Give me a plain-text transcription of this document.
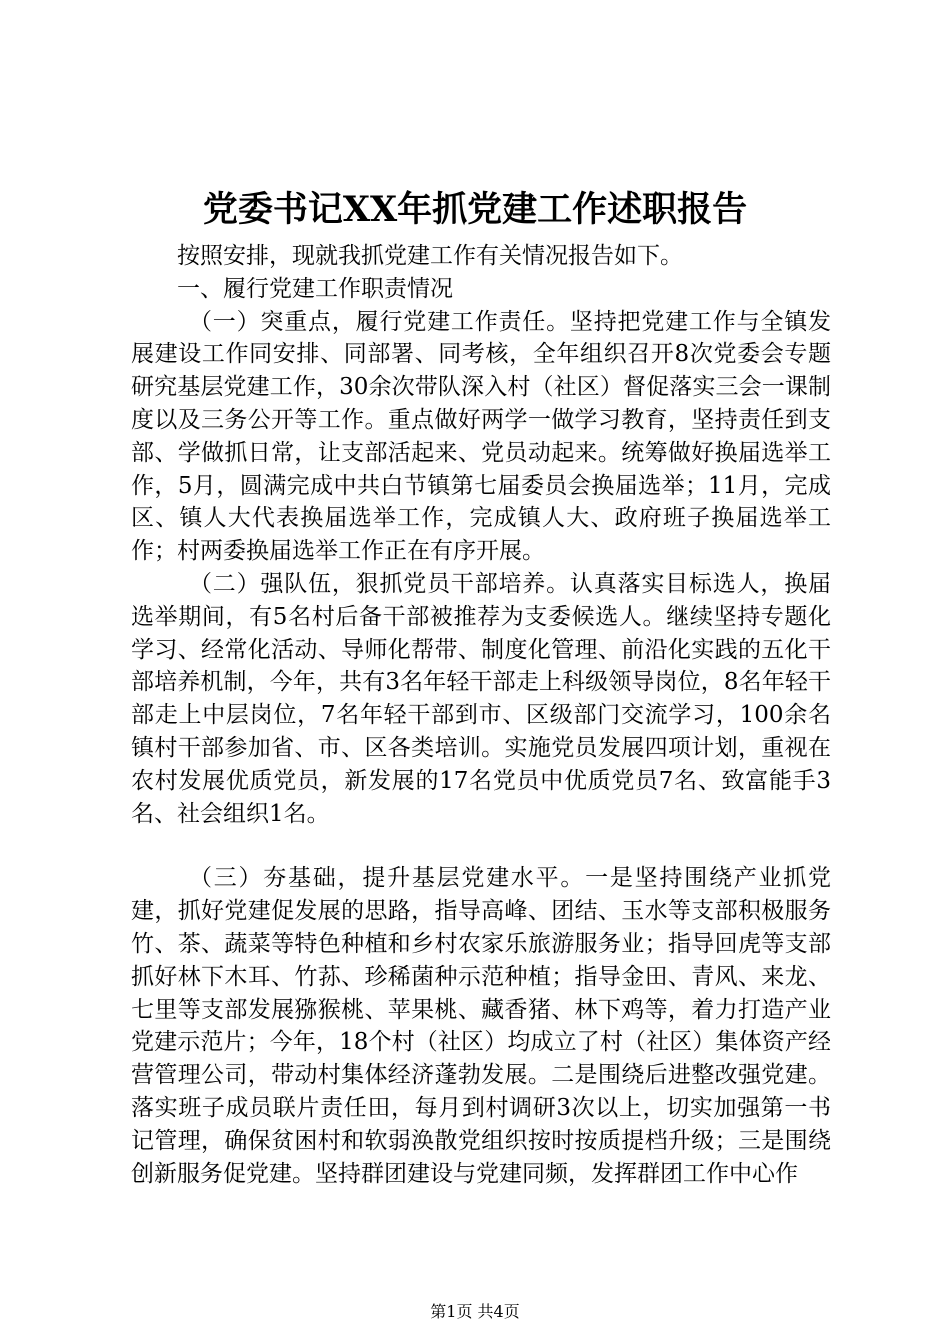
党委书记XX年抓党建工作述职报告

按照安排，现就我抓党建工作有关情况报告如下。

一、履行党建工作职责情况

（一）突重点，履行党建工作责任。坚持把党建工作与全镇发展建设工作同安排、同部署、同考核，全年组织召开8次党委会专题研究基层党建工作，30余次带队深入村（社区）督促落实三会一课制度以及三务公开等工作。重点做好两学一做学习教育，坚持责任到支部、学做抓日常，让支部活起来、党员动起来。统筹做好换届选举工作，5月，圆满完成中共白节镇第七届委员会换届选举；11月，完成区、镇人大代表换届选举工作，完成镇人大、政府班子换届选举工作；村两委换届选举工作正在有序开展。

（二）强队伍，狠抓党员干部培养。认真落实目标选人，换届选举期间，有5名村后备干部被推荐为支委候选人。继续坚持专题化学习、经常化活动、导师化帮带、制度化管理、前沿化实践的五化干部培养机制，今年，共有3名年轻干部走上科级领导岗位，8名年轻干部走上中层岗位，7名年轻干部到市、区级部门交流学习，100余名镇村干部参加省、市、区各类培训。实施党员发展四项计划，重视在农村发展优质党员，新发展的17名党员中优质党员7名、致富能手3名、社会组织1名。

（三）夯基础，提升基层党建水平。一是坚持围绕产业抓党建，抓好党建促发展的思路，指导高峰、团结、玉水等支部积极服务竹、茶、蔬菜等特色种植和乡村农家乐旅游服务业；指导回虎等支部抓好林下木耳、竹荪、珍稀菌种示范种植；指导金田、青风、来龙、七里等支部发展猕猴桃、苹果桃、藏香猪、林下鸡等，着力打造产业党建示范片；今年，18个村（社区）均成立了村（社区）集体资产经营管理公司，带动村集体经济蓬勃发展。二是围绕后进整改强党建。落实班子成员联片责任田，每月到村调研3次以上，切实加强第一书记管理，确保贫困村和软弱涣散党组织按时按质提档升级；三是围绕创新服务促党建。坚持群团建设与党建同频，发挥群团工作中心作

第1页 共4页
